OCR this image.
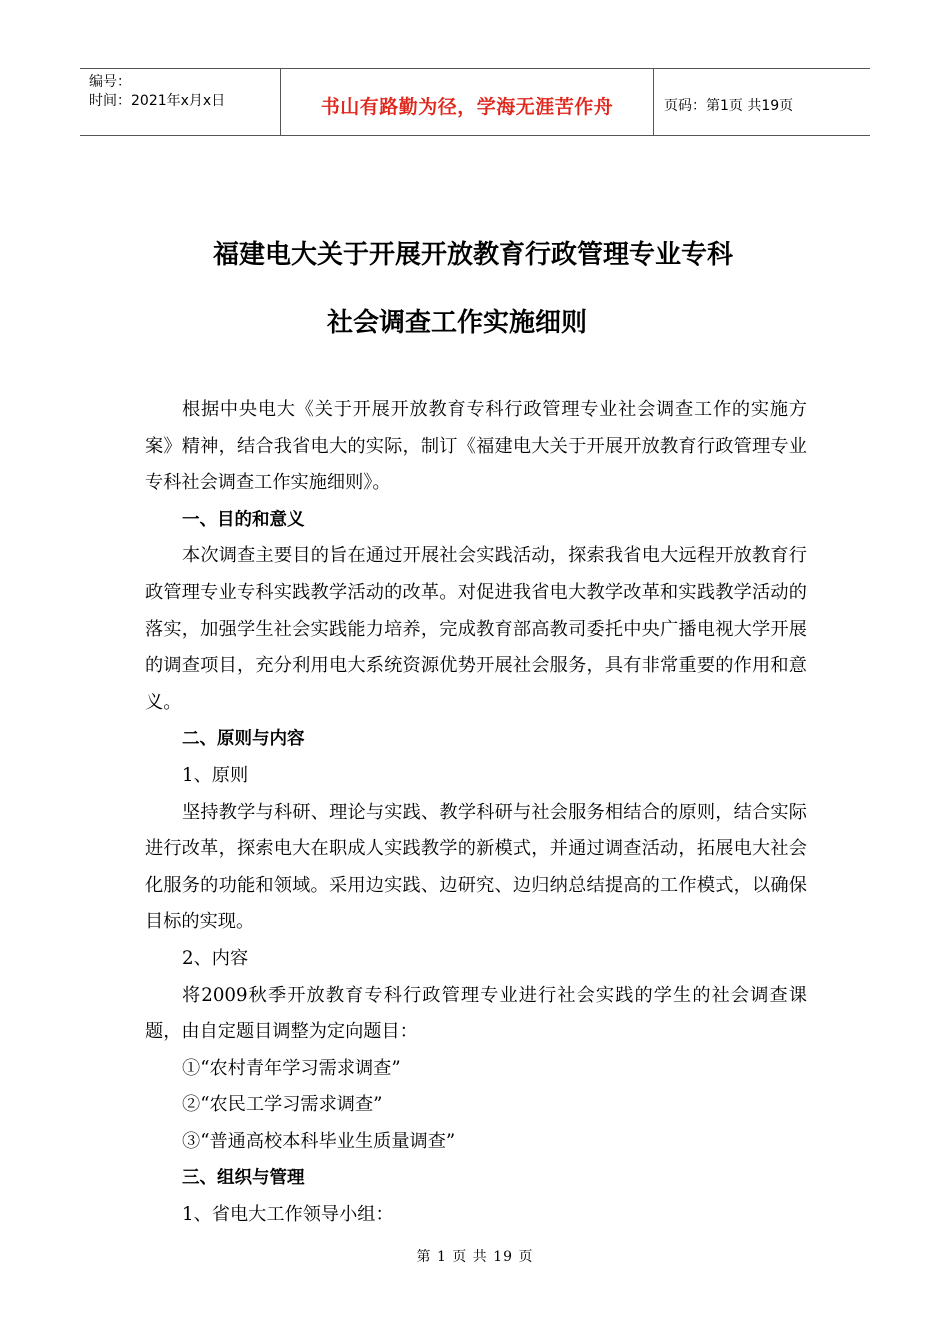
编号：
时间：2021年x月x日	书山有路勤为径，学海无涯苦作舟	页码：第1页 共19页
福建电大关于开展开放教育行政管理专业专科
社会调查工作实施细则

根据中央电大《关于开展开放教育专科行政管理专业社会调查工作的实施方案》精神，结合我省电大的实际，制订《福建电大关于开展开放教育行政管理专业专科社会调查工作实施细则》。

一、目的和意义

本次调查主要目的旨在通过开展社会实践活动，探索我省电大远程开放教育行政管理专业专科实践教学活动的改革。对促进我省电大教学改革和实践教学活动的落实，加强学生社会实践能力培养，完成教育部高教司委托中央广播电视大学开展的调查项目，充分利用电大系统资源优势开展社会服务，具有非常重要的作用和意义。

二、原则与内容

1、原则

坚持教学与科研、理论与实践、教学科研与社会服务相结合的原则，结合实际进行改革，探索电大在职成人实践教学的新模式，并通过调查活动，拓展电大社会化服务的功能和领域。采用边实践、边研究、边归纳总结提高的工作模式，以确保目标的实现。

2、内容

将2009秋季开放教育专科行政管理专业进行社会实践的学生的社会调查课题，由自定题目调整为定向题目：

①“农村青年学习需求调查”

②“农民工学习需求调查”

③“普通高校本科毕业生质量调查”

三、组织与管理

1、省电大工作领导小组：

第 1 页 共 19 页
